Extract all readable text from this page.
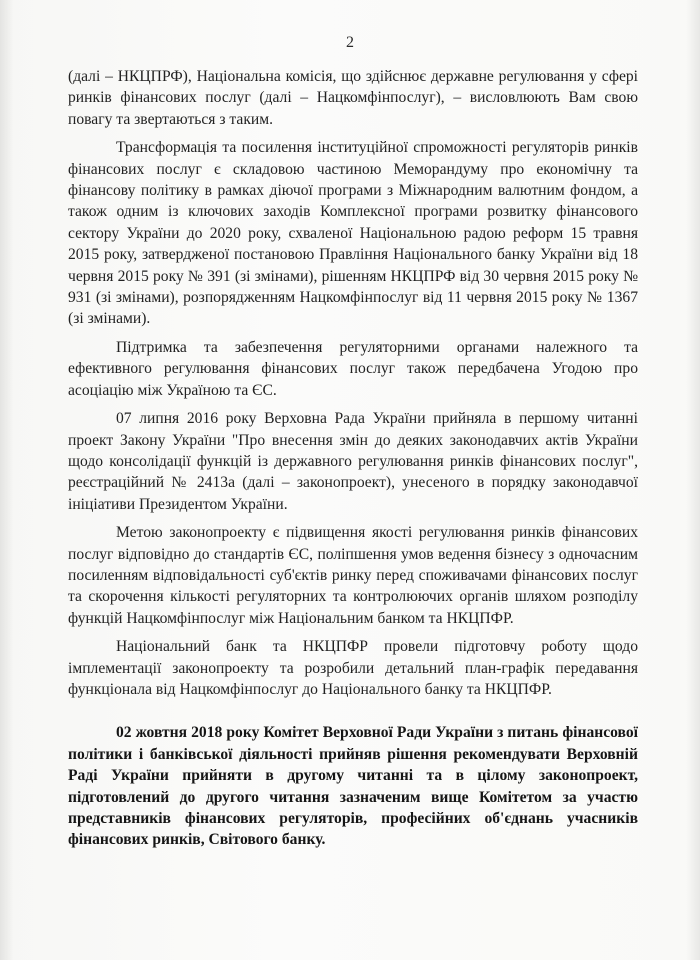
2

(далі – НКЦПРФ), Національна комісія, що здійснює державне регулювання у сфері ринків фінансових послуг (далі – Нацкомфінпослуг), – висловлюють Вам свою повагу та звертаються з таким.

Трансформація та посилення інституційної спроможності регуляторів ринків фінансових послуг є складовою частиною Меморандуму про економічну та фінансову політику в рамках діючої програми з Міжнародним валютним фондом, а також одним із ключових заходів Комплексної програми розвитку фінансового сектору України до 2020 року, схваленої Національною радою реформ 15 травня 2015 року, затвердженої постановою Правління Національного банку України від 18 червня 2015 року № 391 (зі змінами), рішенням НКЦПРФ від 30 червня 2015 року № 931 (зі змінами), розпорядженням Нацкомфінпослуг від 11 червня 2015 року № 1367 (зі змінами).

Підтримка та забезпечення регуляторними органами належного та ефективного регулювання фінансових послуг також передбачена Угодою про асоціацію між Україною та ЄС.

07 липня 2016 року Верховна Рада України прийняла в першому читанні проект Закону України "Про внесення змін до деяких законодавчих актів України щодо консолідації функцій із державного регулювання ринків фінансових послуг", реєстраційний № 2413а (далі – законопроект), унесеного в порядку законодавчої ініціативи Президентом України.

Метою законопроекту є підвищення якості регулювання ринків фінансових послуг відповідно до стандартів ЄС, поліпшення умов ведення бізнесу з одночасним посиленням відповідальності суб'єктів ринку перед споживачами фінансових послуг та скорочення кількості регуляторних та контролюючих органів шляхом розподілу функцій Нацкомфінпослуг між Національним банком та НКЦПФР.

Національний банк та НКЦПФР провели підготовчу роботу щодо імплементації законопроекту та розробили детальний план-графік передавання функціонала від Нацкомфінпослуг до Національного банку та НКЦПФР.

02 жовтня 2018 року Комітет Верховної Ради України з питань фінансової політики і банківської діяльності прийняв рішення рекомендувати Верховній Раді України прийняти в другому читанні та в цілому законопроект, підготовлений до другого читання зазначеним вище Комітетом за участю представників фінансових регуляторів, професійних об'єднань учасників фінансових ринків, Світового банку.
